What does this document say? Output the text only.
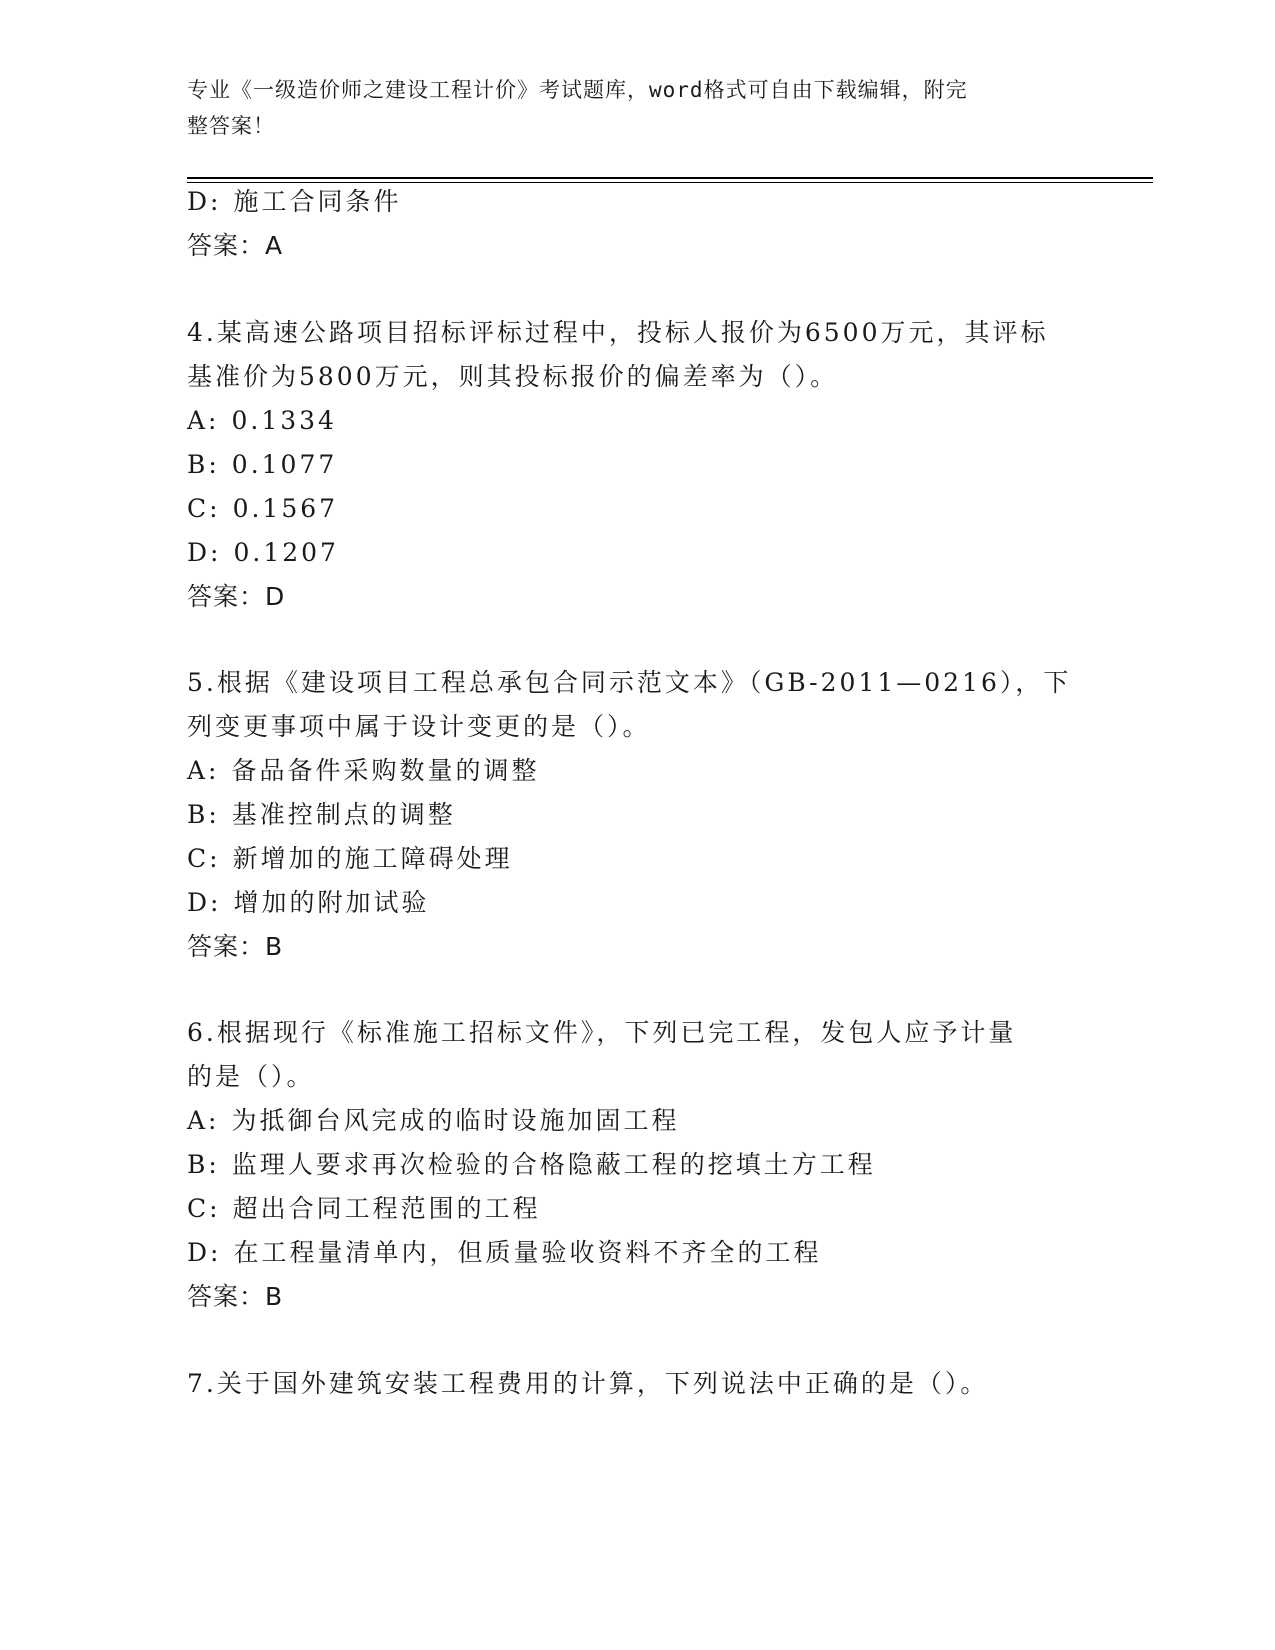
专业《一级造价师之建设工程计价》考试题库，word格式可自由下载编辑，附完
整答案！
D: 施工合同条件
答案：A
4.某高速公路项目招标评标过程中，投标人报价为6500万元，其评标
基准价为5800万元，则其投标报价的偏差率为（）。
A: 0.1334
B: 0.1077
C: 0.1567
D: 0.1207
答案：D
5.根据《建设项目工程总承包合同示范文本》（GB-2011—0216），下
列变更事项中属于设计变更的是（）。
A: 备品备件采购数量的调整
B: 基准控制点的调整
C: 新增加的施工障碍处理
D: 增加的附加试验
答案：B
6.根据现行《标准施工招标文件》，下列已完工程，发包人应予计量
的是（）。
A: 为抵御台风完成的临时设施加固工程
B: 监理人要求再次检验的合格隐蔽工程的挖填土方工程
C: 超出合同工程范围的工程
D: 在工程量清单内，但质量验收资料不齐全的工程
答案：B
7.关于国外建筑安装工程费用的计算，下列说法中正确的是（）。
